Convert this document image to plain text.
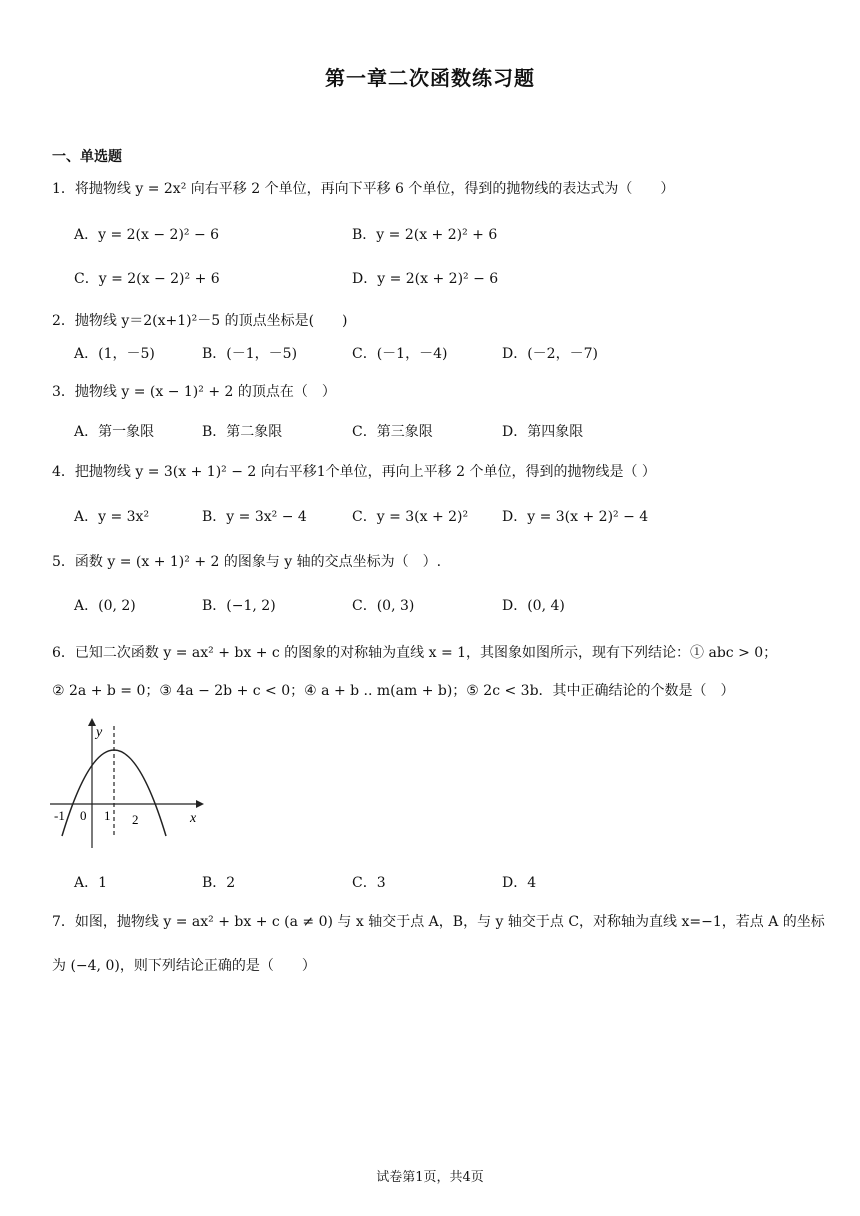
第一章二次函数练习题
一、单选题
1．将抛物线 y = 2x² 向右平移 2 个单位，再向下平移 6 个单位，得到的抛物线的表达式为（　　）
A．y = 2(x − 2)² − 6	B．y = 2(x + 2)² + 6
C．y = 2(x − 2)² + 6	D．y = 2(x + 2)² − 6
2．抛物线 y＝2(x+1)²－5 的顶点坐标是(　　)
A．(1，－5)	B．(－1，－5)	C．(－1，－4)	D．(－2，－7)
3．抛物线 y = (x − 1)² + 2 的顶点在（　）
A．第一象限	B．第二象限	C．第三象限	D．第四象限
4．把抛物线 y = 3(x + 1)² − 2 向右平移1个单位，再向上平移 2 个单位，得到的抛物线是（ ）
A．y = 3x²	B．y = 3x² − 4	C．y = 3(x + 2)² D．y = 3(x + 2)² − 4
5．函数 y = (x + 1)² + 2 的图象与 y 轴的交点坐标为（　）.
A．(0, 2)	B．(−1, 2)	C．(0, 3)	D．(0, 4)
6．已知二次函数 y = ax² + bx + c 的图象的对称轴为直线 x = 1，其图象如图所示，现有下列结论：① abc > 0；
② 2a + b = 0；③ 4a − 2b + c < 0；④ a + b .. m(am + b)；⑤ 2c < 3b．其中正确结论的个数是（　）
y
x
-1 0 1 2
A．1	B．2	C．3	D．4
7．如图，抛物线 y = ax² + bx + c (a ≠ 0) 与 x 轴交于点 A，B，与 y 轴交于点 C，对称轴为直线 x=−1，若点 A 的坐标
为 (−4, 0)，则下列结论正确的是（　　）
试卷第1页，共4页
